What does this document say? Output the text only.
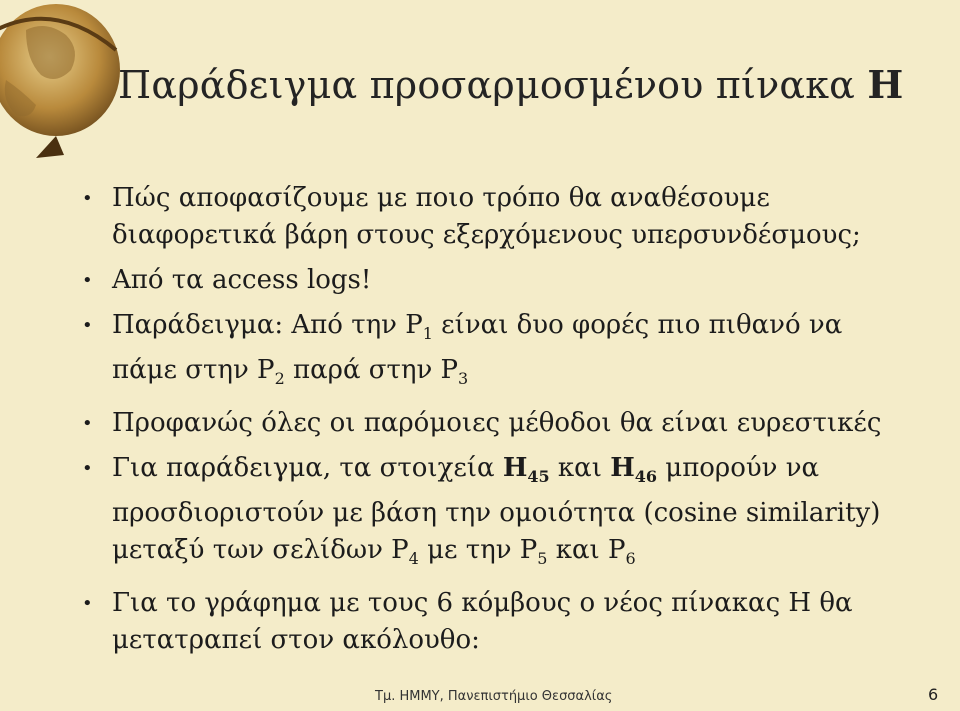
Παράδειγμα προσαρμοσμένου πίνακα H
• Πώς αποφασίζουμε με ποιο τρόπο θα αναθέσουμε διαφορετικά βάρη στους εξερχόμενους υπερσυνδέσμους;
• Από τα access logs!
• Παράδειγμα: Από την $P_1$ είναι δυο φορές πιο πιθανό να πάμε στην $P_2$ παρά στην $P_3$
• Προφανώς όλες οι παρόμοιες μέθοδοι θα είναι ευρεστικές
• Για παράδειγμα, τα στοιχεία $H_{45}$ και $H_{46}$ μπορούν να προσδιοριστούν με βάση την ομοιότητα (cosine similarity) μεταξύ των σελίδων $P_4$ με την $P_5$ και $P_6$
• Για το γράφημα με τους 6 κόμβους ο νέος πίνακας H θα μετατραπεί στον ακόλουθο:
Τμ. ΗΜΜΥ, Πανεπιστήμιο Θεσσαλίας	6
